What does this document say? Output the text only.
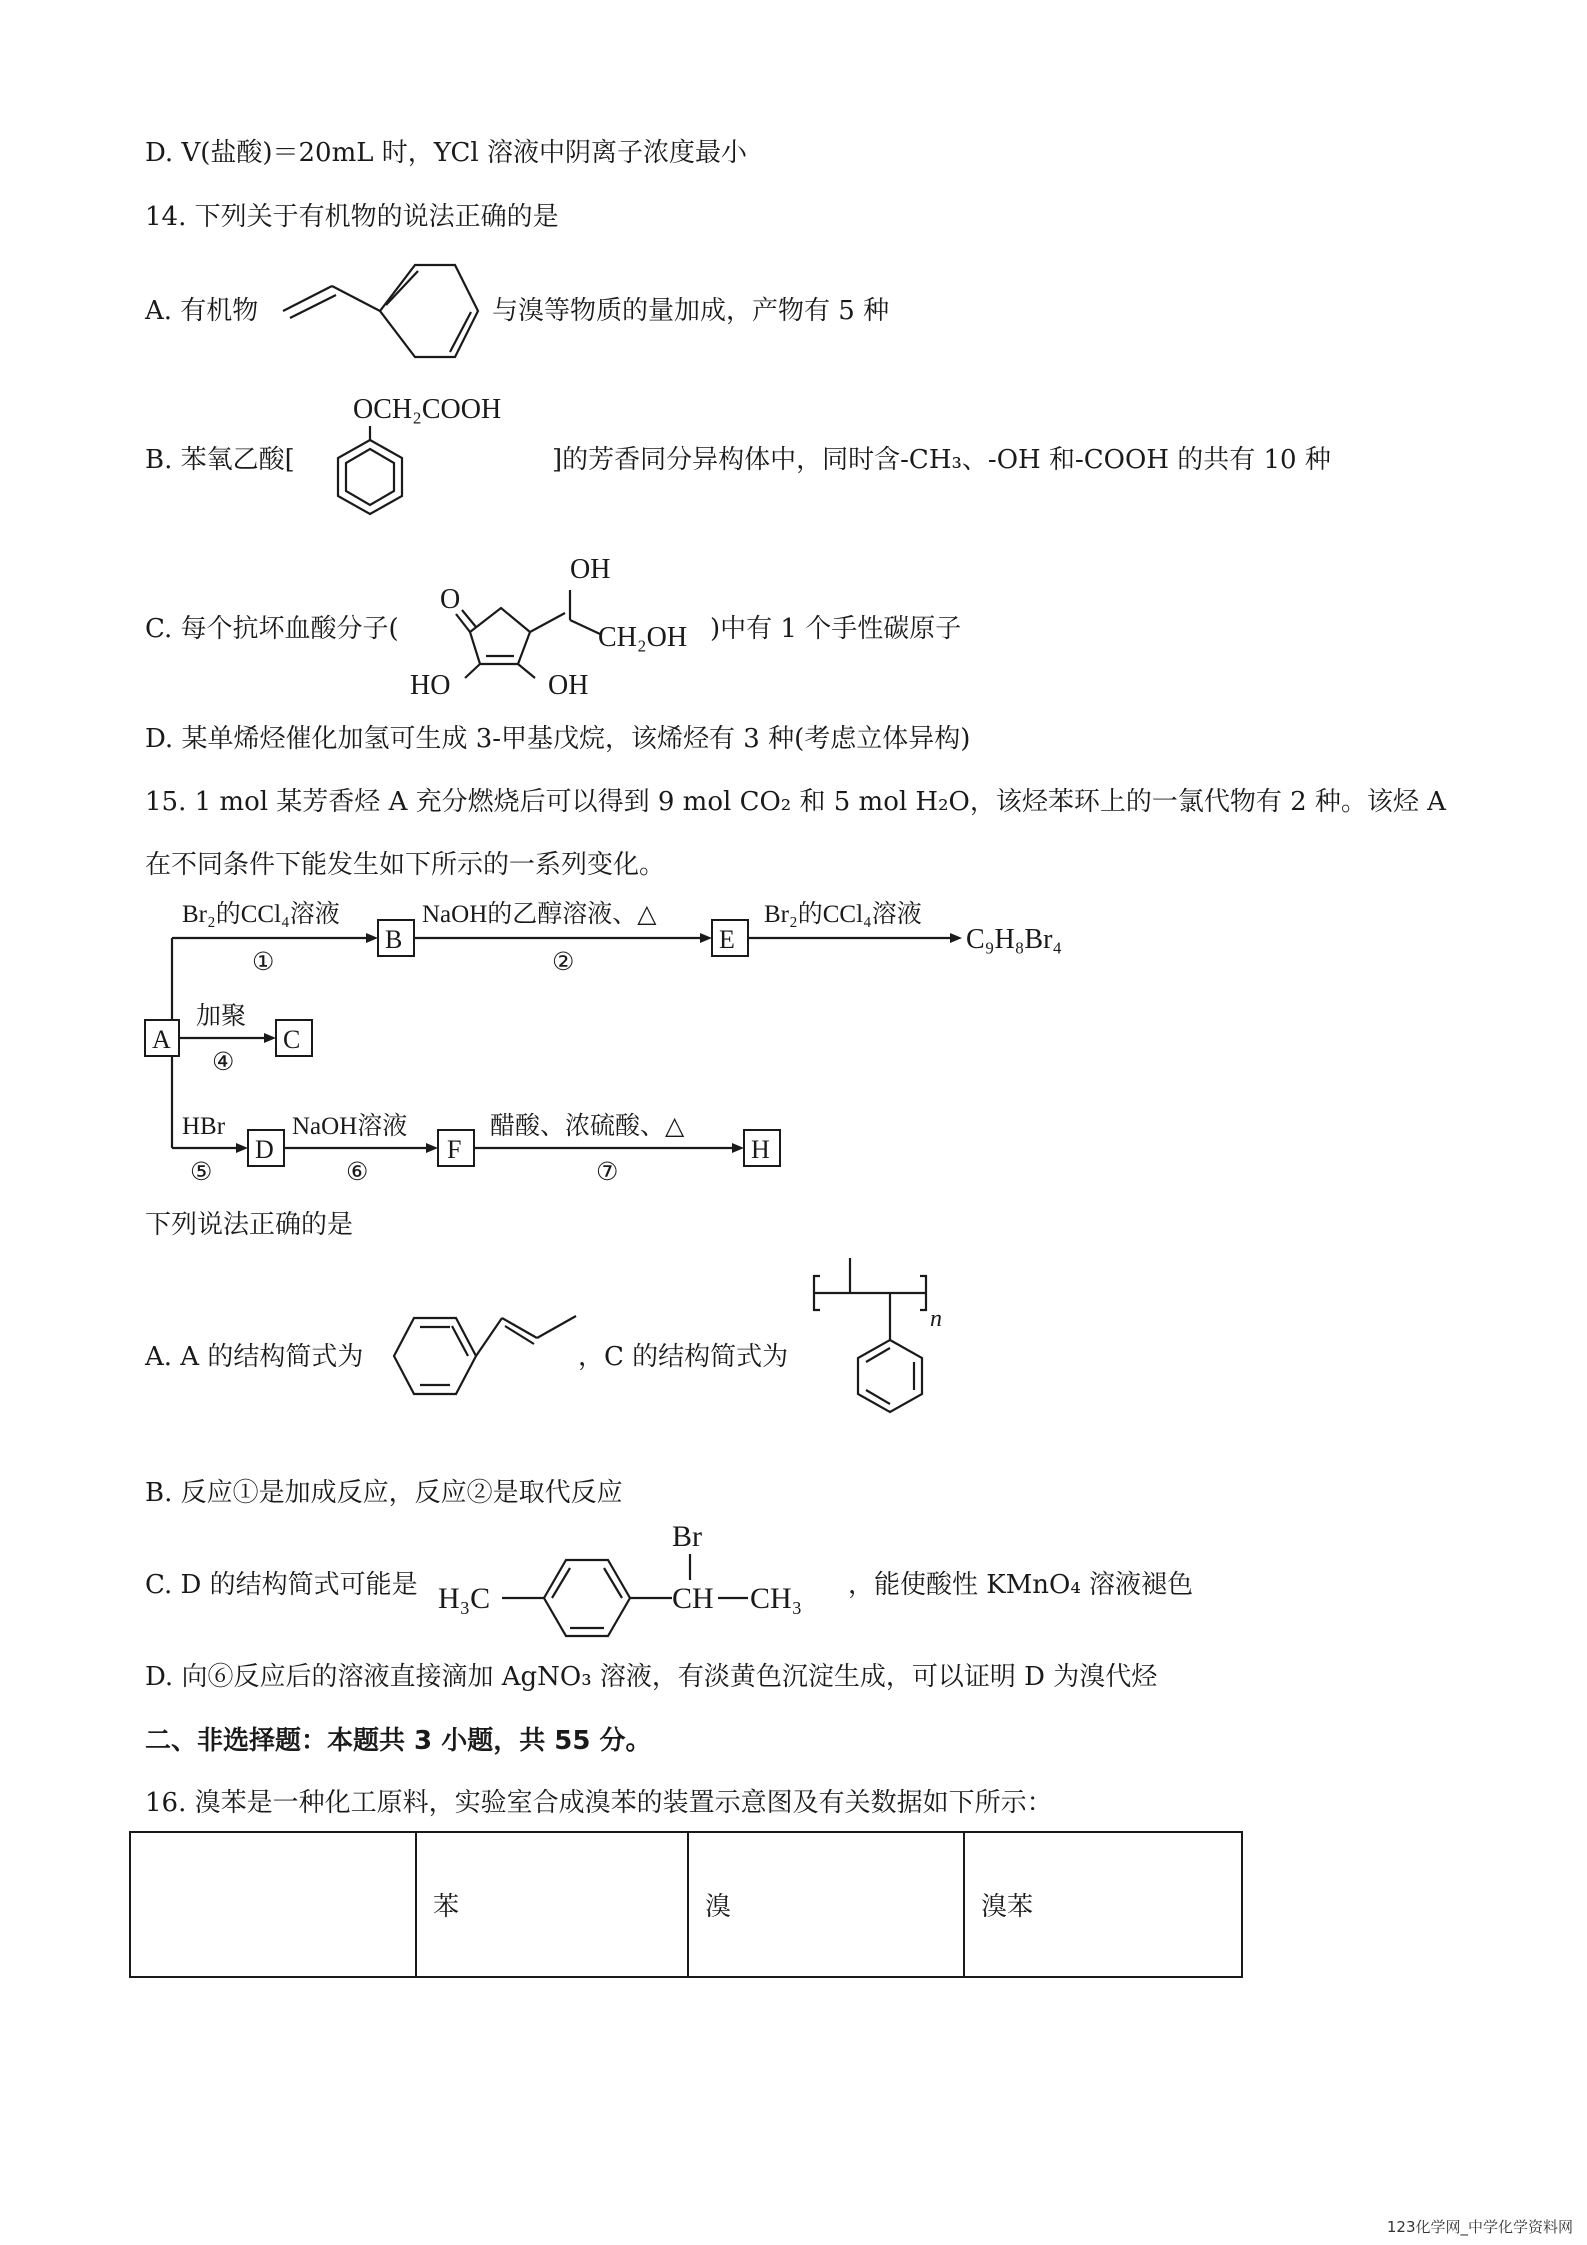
D. V(盐酸)＝20mL 时，YCl 溶液中阴离子浓度最小
14. 下列关于有机物的说法正确的是
A. 有机物	与溴等物质的量加成，产物有 5 种
B. 苯氧乙酸[
OCH₂COOH
]的芳香同分异构体中，同时含-CH₃、-OH 和-COOH 的共有 10 种
C. 每个抗坏血酸分子(
OH
O
CH₂OH
HO	OH
)中有 1 个手性碳原子
D. 某单烯烃催化加氢可生成 3-甲基戊烷，该烯烃有 3 种(考虑立体异构)
15. 1 mol 某芳香烃 A 充分燃烧后可以得到 9 mol CO₂ 和 5 mol H₂O，该烃苯环上的一氯代物有 2 种。该烃 A
在不同条件下能发生如下所示的一系列变化。
A
Br₂的CCl₄溶液
①
B
NaOH的乙醇溶液、△
②
E
Br₂的CCl₄溶液
C₉H₈Br₄
加聚
④
C
HBr
⑤
D
NaOH溶液
⑥
F
醋酸、浓硫酸、△
⑦
H
下列说法正确的是
A. A 的结构简式为	，C 的结构简式为
n
B. 反应①是加成反应，反应②是取代反应
C. D 的结构简式可能是 H₃C
Br
CH CH₃ ，能使酸性 KMnO₄ 溶液褪色
D. 向⑥反应后的溶液直接滴加 AgNO₃ 溶液，有淡黄色沉淀生成，可以证明 D 为溴代烃
二、非选择题：本题共 3 小题，共 55 分。
16. 溴苯是一种化工原料，实验室合成溴苯的装置示意图及有关数据如下所示：
	苯	溴	溴苯
123化学网_中学化学资料网
